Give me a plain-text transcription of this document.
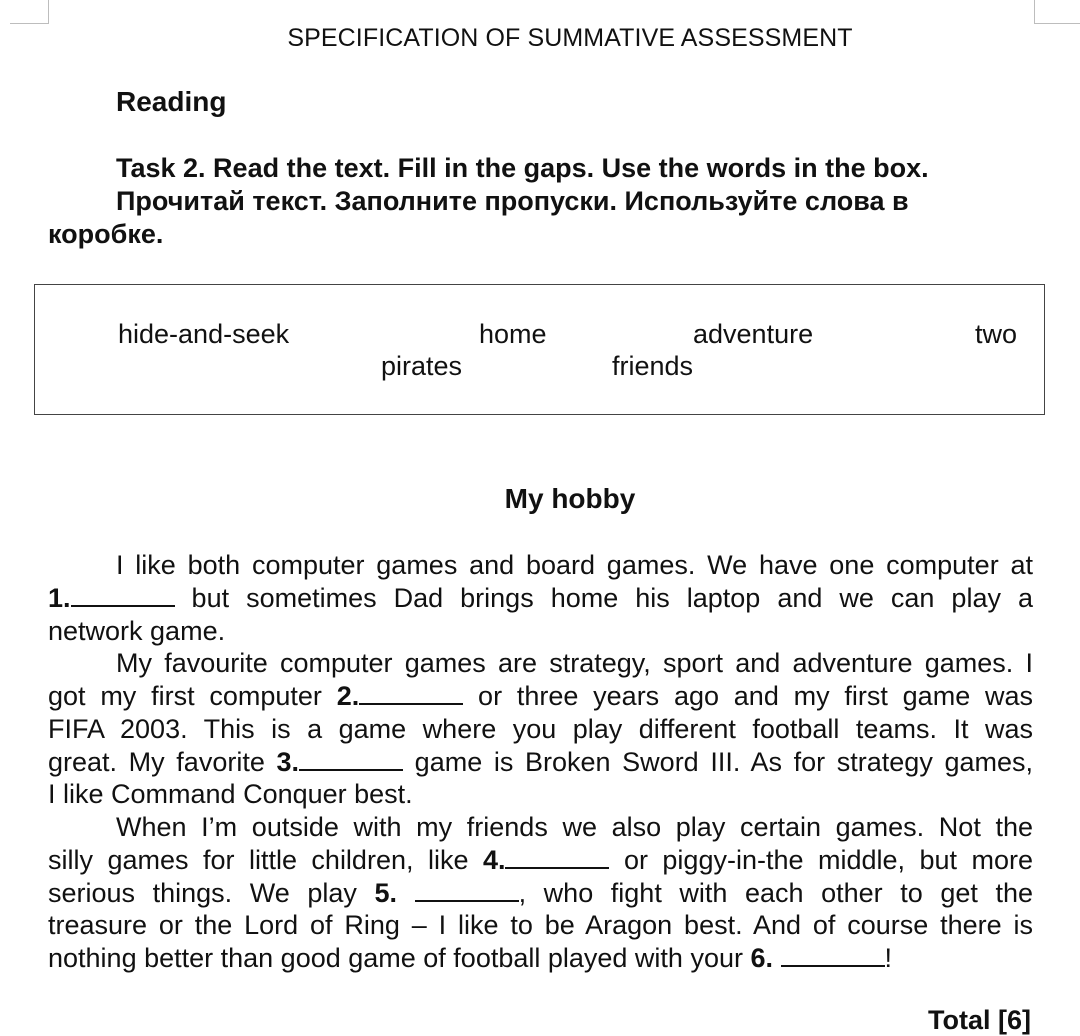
SPECIFICATION OF SUMMATIVE ASSESSMENT
Reading
Task 2. Read the text. Fill in the gaps. Use the words in the box.
Прочитай текст. Заполните пропуски. Используйте слова в
коробке.
hide-and-seek	home	adventure	two
pirates	friends
My hobby
I like both computer games and board games. We have one computer at
1.	but sometimes Dad brings home his laptop and we can play a
network game.
My favourite computer games are strategy, sport and adventure games. I
got my first computer 2.	or three years ago and my first game was
FIFA 2003. This is a game where you play different football teams. It was
great. My favorite 3.	game is Broken Sword III. As for strategy games,
I like Command Conquer best.
When I’m outside with my friends we also play certain games. Not the
silly games for little children, like 4.	or piggy-in-the middle, but more
serious things. We play 5.	, who fight with each other to get the
treasure or the Lord of Ring – I like to be Aragon best. And of course there is
nothing better than good game of football played with your 6.	!
Total [6]
